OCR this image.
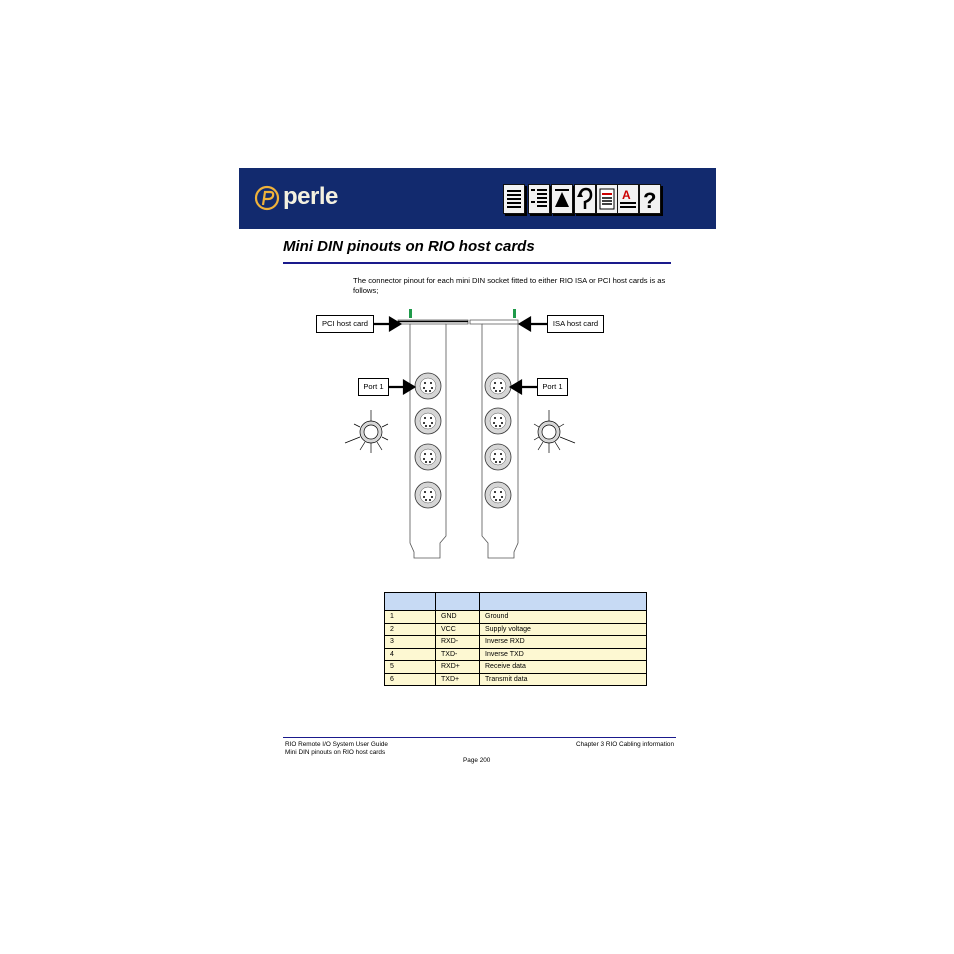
perle	A ?
Mini DIN pinouts on RIO host cards
The connector pinout for each mini DIN socket fitted to either RIO ISA or PCI host cards is as follows;
PCI host card	ISA host card
Port 1	Port 1

1	GND	Ground
2	VCC	Supply voltage
3	RXD-	Inverse RXD
4	TXD-	Inverse TXD
5	RXD+	Receive data
6	TXD+	Transmit data
RIO Remote I/O System User Guide
Mini DIN pinouts on RIO host cards
Chapter 3 RIO Cabling information
Page 200
